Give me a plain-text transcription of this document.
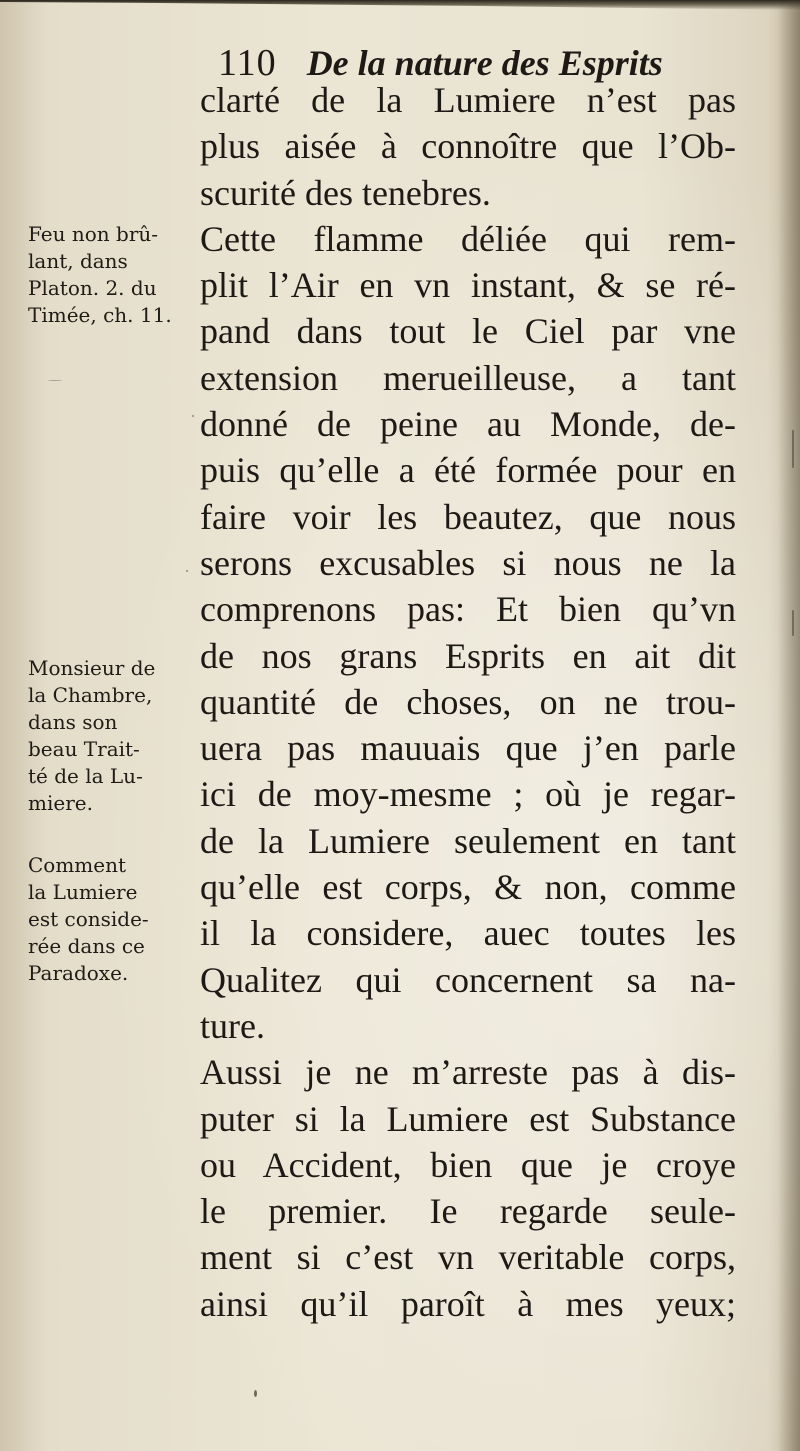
110 De la nature des Esprits
clarté de la Lumiere n’est pas
plus aisée à connoître que l’Ob-
scurité des tenebres.
Cette flamme déliée qui rem-
plit l’Air en vn instant, & se ré-
pand dans tout le Ciel par vne
extension merueilleuse, a tant
donné de peine au Monde, de-
puis qu’elle a été formée pour en
faire voir les beautez, que nous
serons excusables si nous ne la
comprenons pas: Et bien qu’vn
de nos grans Esprits en ait dit
quantité de choses, on ne trou-
uera pas mauuais que j’en parle
ici de moy-mesme ; où je regar-
de la Lumiere seulement en tant
qu’elle est corps, & non, comme
il la considere, auec toutes les
Qualitez qui concernent sa na-
ture.
Aussi je ne m’arreste pas à dis-
puter si la Lumiere est Substance
ou Accident, bien que je croye
le premier. Ie regarde seule-
ment si c’est vn veritable corps,
ainsi qu’il paroît à mes yeux;
Feu non brû-
lant, dans
Platon. 2. du
Timée, ch. 11.
Monsieur de
la Chambre,
dans son
beau Trait-
té de la Lu-
miere.
Comment
la Lumiere
est conside-
rée dans ce
Paradoxe.
